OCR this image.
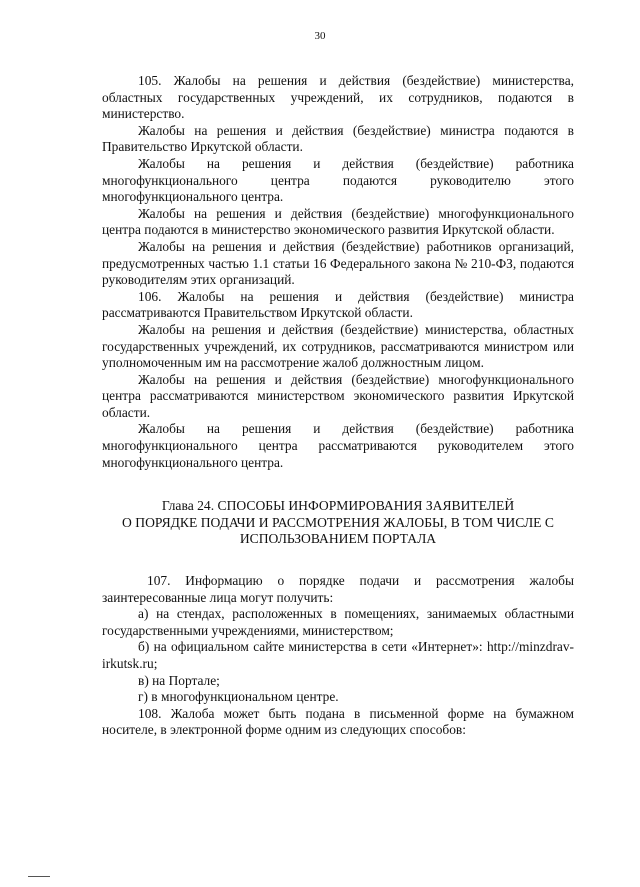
30

105. Жалобы на решения и действия (бездействие) министерства, областных государственных учреждений, их сотрудников, подаются в министерство.

Жалобы на решения и действия (бездействие) министра подаются в Правительство Иркутской области.

Жалобы на решения и действия (бездействие) работника многофункционального центра подаются руководителю этого многофункционального центра.

Жалобы на решения и действия (бездействие) многофункционального центра подаются в министерство экономического развития Иркутской области.

Жалобы на решения и действия (бездействие) работников организаций, предусмотренных частью 1.1 статьи 16 Федерального закона № 210-ФЗ, подаются руководителям этих организаций.

106. Жалобы на решения и действия (бездействие) министра рассматриваются Правительством Иркутской области.

Жалобы на решения и действия (бездействие) министерства, областных государственных учреждений, их сотрудников, рассматриваются министром или уполномоченным им на рассмотрение жалоб должностным лицом.

Жалобы на решения и действия (бездействие) многофункционального центра рассматриваются министерством экономического развития Иркутской области.

Жалобы на решения и действия (бездействие) работника многофункционального центра рассматриваются руководителем этого многофункционального центра.

Глава 24. СПОСОБЫ ИНФОРМИРОВАНИЯ ЗАЯВИТЕЛЕЙ
О ПОРЯДКЕ ПОДАЧИ И РАССМОТРЕНИЯ ЖАЛОБЫ, В ТОМ ЧИСЛЕ С
ИСПОЛЬЗОВАНИЕМ ПОРТАЛА

107. Информацию о порядке подачи и рассмотрения жалобы заинтересованные лица могут получить:

а) на стендах, расположенных в помещениях, занимаемых областными государственными учреждениями, министерством;

б) на официальном сайте министерства в сети «Интернет»: http://minzdrav-irkutsk.ru;

в) на Портале;

г) в многофункциональном центре.

108. Жалоба может быть подана в письменной форме на бумажном носителе, в электронной форме одним из следующих способов:
